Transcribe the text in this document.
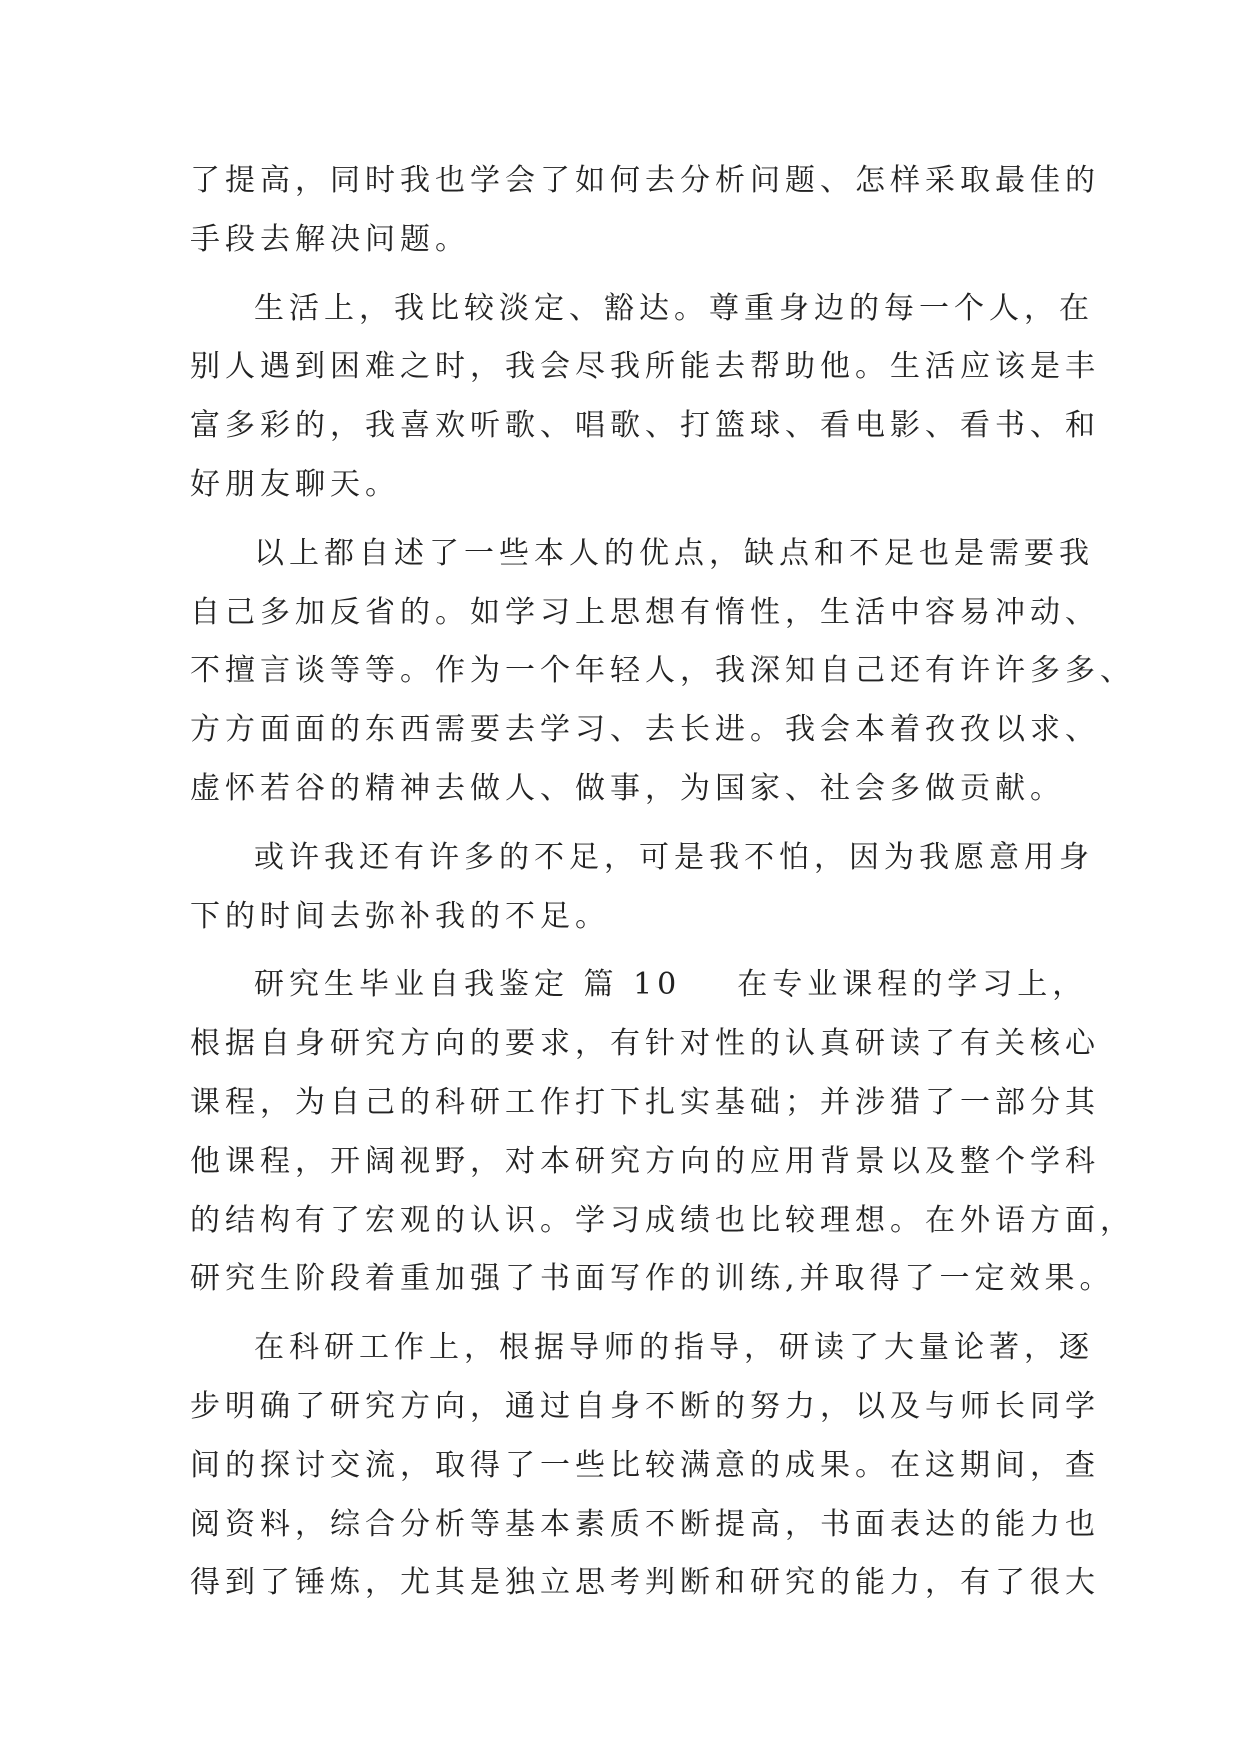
了提高，同时我也学会了如何去分析问题、怎样采取最佳的
手段去解决问题。
生活上，我比较淡定、豁达。尊重身边的每一个人，在
别人遇到困难之时，我会尽我所能去帮助他。生活应该是丰
富多彩的，我喜欢听歌、唱歌、打篮球、看电影、看书、和
好朋友聊天。
以上都自述了一些本人的优点，缺点和不足也是需要我
自己多加反省的。如学习上思想有惰性，生活中容易冲动、
不擅言谈等等。作为一个年轻人，我深知自己还有许许多多、
方方面面的东西需要去学习、去长进。我会本着孜孜以求、
虚怀若谷的精神去做人、做事，为国家、社会多做贡献。
或许我还有许多的不足，可是我不怕，因为我愿意用身
下的时间去弥补我的不足。
研究生毕业自我鉴定 篇 10 在专业课程的学习上，
根据自身研究方向的要求，有针对性的认真研读了有关核心
课程，为自己的科研工作打下扎实基础；并涉猎了一部分其
他课程，开阔视野，对本研究方向的应用背景以及整个学科
的结构有了宏观的认识。学习成绩也比较理想。在外语方面，
研究生阶段着重加强了书面写作的训练,并取得了一定效果。
在科研工作上，根据导师的指导，研读了大量论著，逐
步明确了研究方向，通过自身不断的努力，以及与师长同学
间的探讨交流，取得了一些比较满意的成果。在这期间，查
阅资料，综合分析等基本素质不断提高，书面表达的能力也
得到了锤炼，尤其是独立思考判断和研究的能力，有了很大
